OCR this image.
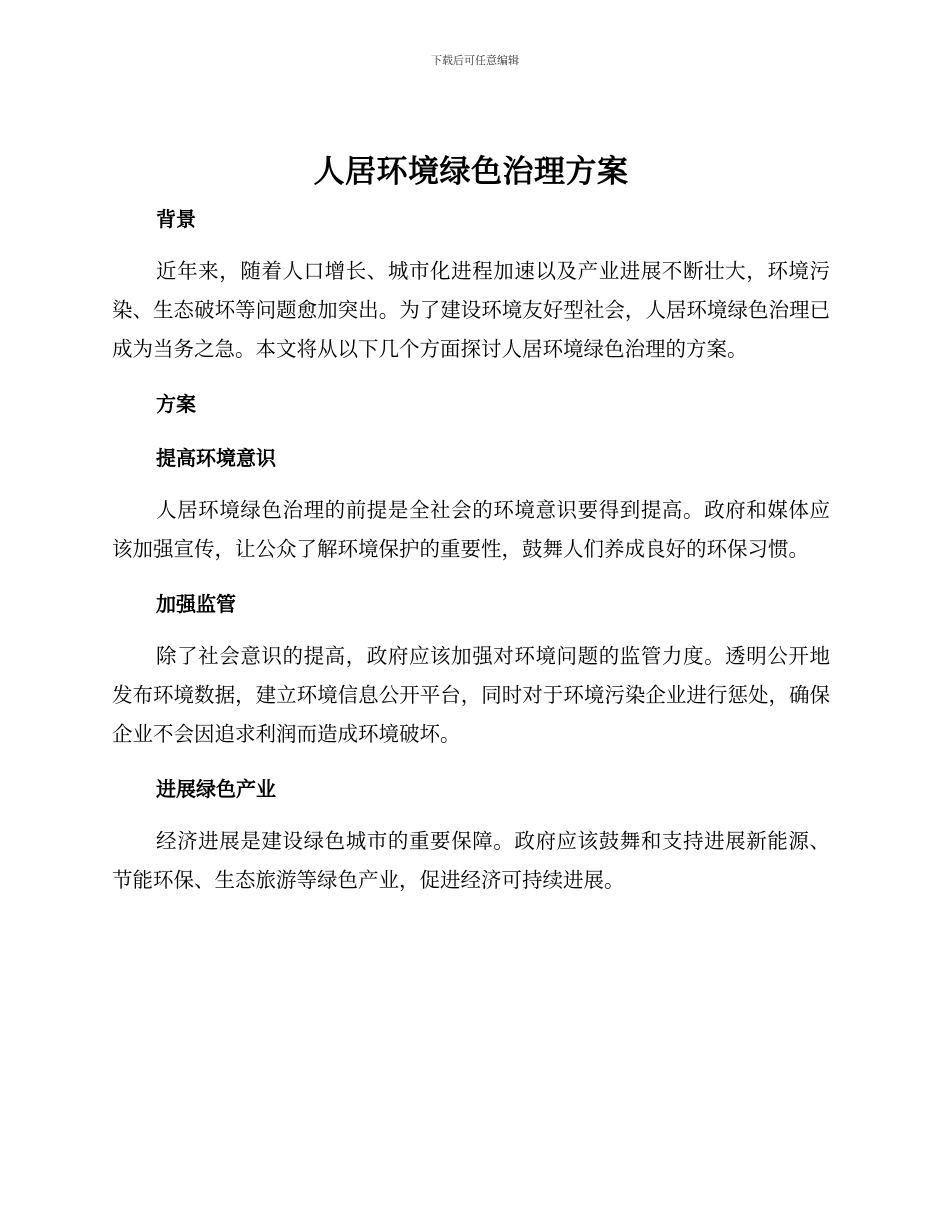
下载后可任意编辑
人居环境绿色治理方案
背景

近年来，随着人口增长、城市化进程加速以及产业进展不断壮大，环境污染、生态破坏等问题愈加突出。为了建设环境友好型社会，人居环境绿色治理已成为当务之急。本文将从以下几个方面探讨人居环境绿色治理的方案。

方案
提高环境意识

人居环境绿色治理的前提是全社会的环境意识要得到提高。政府和媒体应该加强宣传，让公众了解环境保护的重要性，鼓舞人们养成良好的环保习惯。

加强监管

除了社会意识的提高，政府应该加强对环境问题的监管力度。透明公开地发布环境数据，建立环境信息公开平台，同时对于环境污染企业进行惩处，确保企业不会因追求利润而造成环境破坏。

进展绿色产业

经济进展是建设绿色城市的重要保障。政府应该鼓舞和支持进展新能源、节能环保、生态旅游等绿色产业，促进经济可持续进展。
